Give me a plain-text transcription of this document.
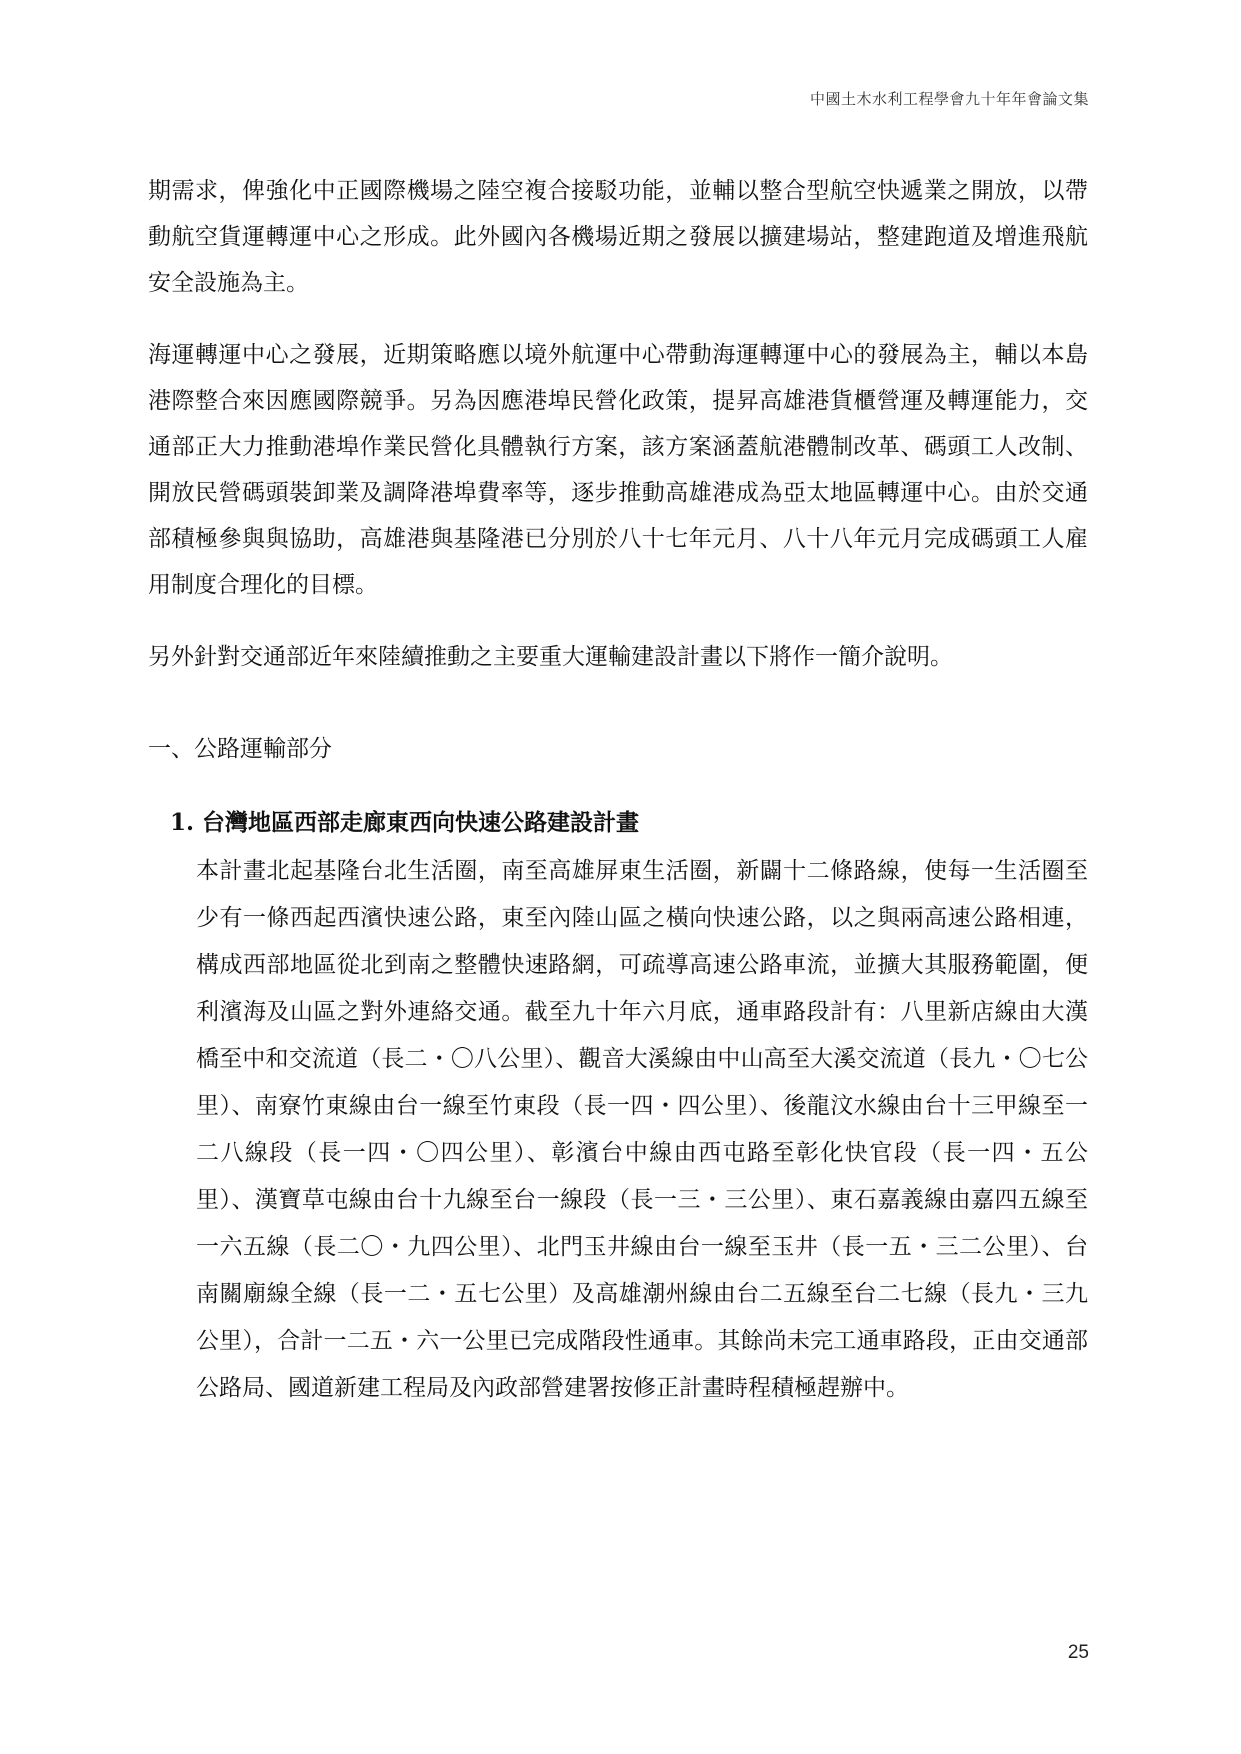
中國土木水利工程學會九十年年會論文集

期需求，俾強化中正國際機場之陸空複合接駁功能，並輔以整合型航空快遞業之開放，以帶動航空貨運轉運中心之形成。此外國內各機場近期之發展以擴建場站，整建跑道及增進飛航安全設施為主。

海運轉運中心之發展，近期策略應以境外航運中心帶動海運轉運中心的發展為主，輔以本島港際整合來因應國際競爭。另為因應港埠民營化政策，提昇高雄港貨櫃營運及轉運能力，交通部正大力推動港埠作業民營化具體執行方案，該方案涵蓋航港體制改革、碼頭工人改制、開放民營碼頭裝卸業及調降港埠費率等，逐步推動高雄港成為亞太地區轉運中心。由於交通部積極參與與協助，高雄港與基隆港已分別於八十七年元月、八十八年元月完成碼頭工人雇用制度合理化的目標。

另外針對交通部近年來陸續推動之主要重大運輸建設計畫以下將作一簡介說明。

一、公路運輸部分
1. 台灣地區西部走廊東西向快速公路建設計畫

本計畫北起基隆台北生活圈，南至高雄屏東生活圈，新闢十二條路線，使每一生活圈至少有一條西起西濱快速公路，東至內陸山區之橫向快速公路，以之與兩高速公路相連，構成西部地區從北到南之整體快速路網，可疏導高速公路車流，並擴大其服務範圍，便利濱海及山區之對外連絡交通。截至九十年六月底，通車路段計有：八里新店線由大漢橋至中和交流道（長二・〇八公里）、觀音大溪線由中山高至大溪交流道（長九・〇七公里）、南寮竹東線由台一線至竹東段（長一四・四公里）、後龍汶水線由台十三甲線至一二八線段（長一四・〇四公里）、彰濱台中線由西屯路至彰化快官段（長一四・五公里）、漢寶草屯線由台十九線至台一線段（長一三・三公里）、東石嘉義線由嘉四五線至一六五線（長二〇・九四公里）、北門玉井線由台一線至玉井（長一五・三二公里）、台南關廟線全線（長一二・五七公里）及高雄潮州線由台二五線至台二七線（長九・三九公里），合計一二五・六一公里已完成階段性通車。其餘尚未完工通車路段，正由交通部公路局、國道新建工程局及內政部營建署按修正計畫時程積極趕辦中。

25
